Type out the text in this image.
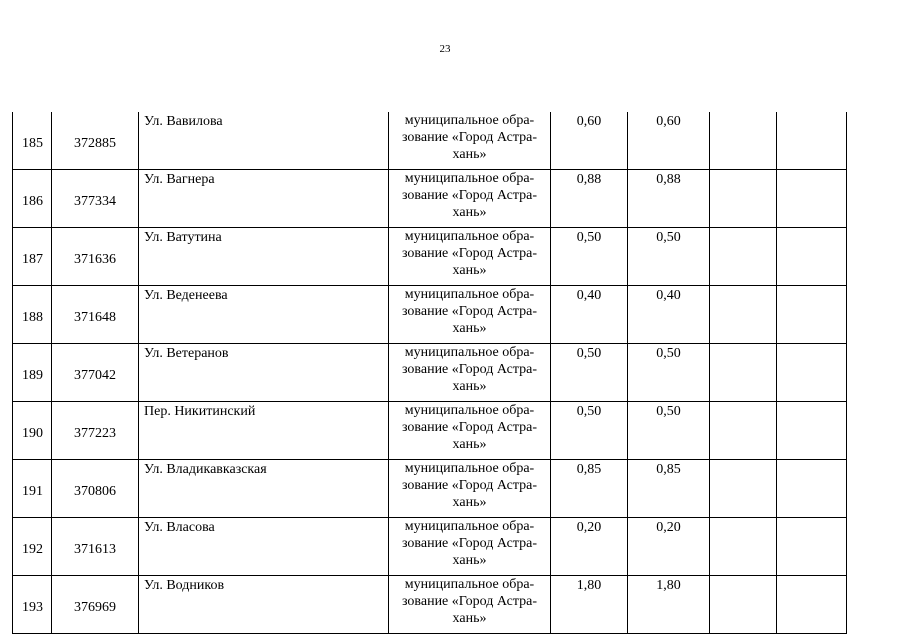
23
185	372885	Ул. Вавилова	муниципальное обра-
зование «Город Астра-
хань»	0,60	0,60		
186	377334	Ул. Вагнера	муниципальное обра-
зование «Город Астра-
хань»	0,88	0,88		
187	371636	Ул. Ватутина	муниципальное обра-
зование «Город Астра-
хань»	0,50	0,50		
188	371648	Ул. Веденеева	муниципальное обра-
зование «Город Астра-
хань»	0,40	0,40		
189	377042	Ул. Ветеранов	муниципальное обра-
зование «Город Астра-
хань»	0,50	0,50		
190	377223	Пер. Никитинский	муниципальное обра-
зование «Город Астра-
хань»	0,50	0,50		
191	370806	Ул. Владикавказская	муниципальное обра-
зование «Город Астра-
хань»	0,85	0,85		
192	371613	Ул. Власова	муниципальное обра-
зование «Город Астра-
хань»	0,20	0,20		
193	376969	Ул. Водников	муниципальное обра-
зование «Город Астра-
хань»	1,80	1,80		
